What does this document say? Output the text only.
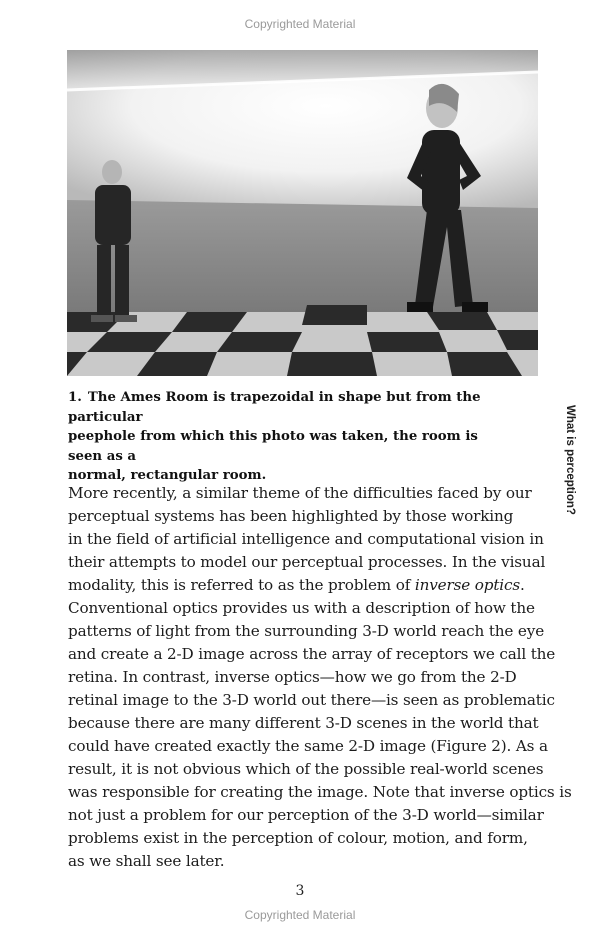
Copyrighted Material
1. The Ames Room is trapezoidal in shape but from the particular
peephole from which this photo was taken, the room is seen as a
normal, rectangular room.	What is perception?
More recently, a similar theme of the difficulties faced by our
perceptual systems has been highlighted by those working
in the field of artificial intelligence and computational vision in
their attempts to model our perceptual processes. In the visual
modality, this is referred to as the problem of inverse optics.
Conventional optics provides us with a description of how the
patterns of light from the surrounding 3-D world reach the eye
and create a 2-D image across the array of receptors we call the
retina. In contrast, inverse optics—how we go from the 2-D
retinal image to the 3-D world out there—is seen as problematic
because there are many different 3-D scenes in the world that
could have created exactly the same 2-D image (Figure 2). As a
result, it is not obvious which of the possible real-world scenes
was responsible for creating the image. Note that inverse optics is
not just a problem for our perception of the 3-D world—similar
problems exist in the perception of colour, motion, and form,
as we shall see later.
3
Copyrighted Material
